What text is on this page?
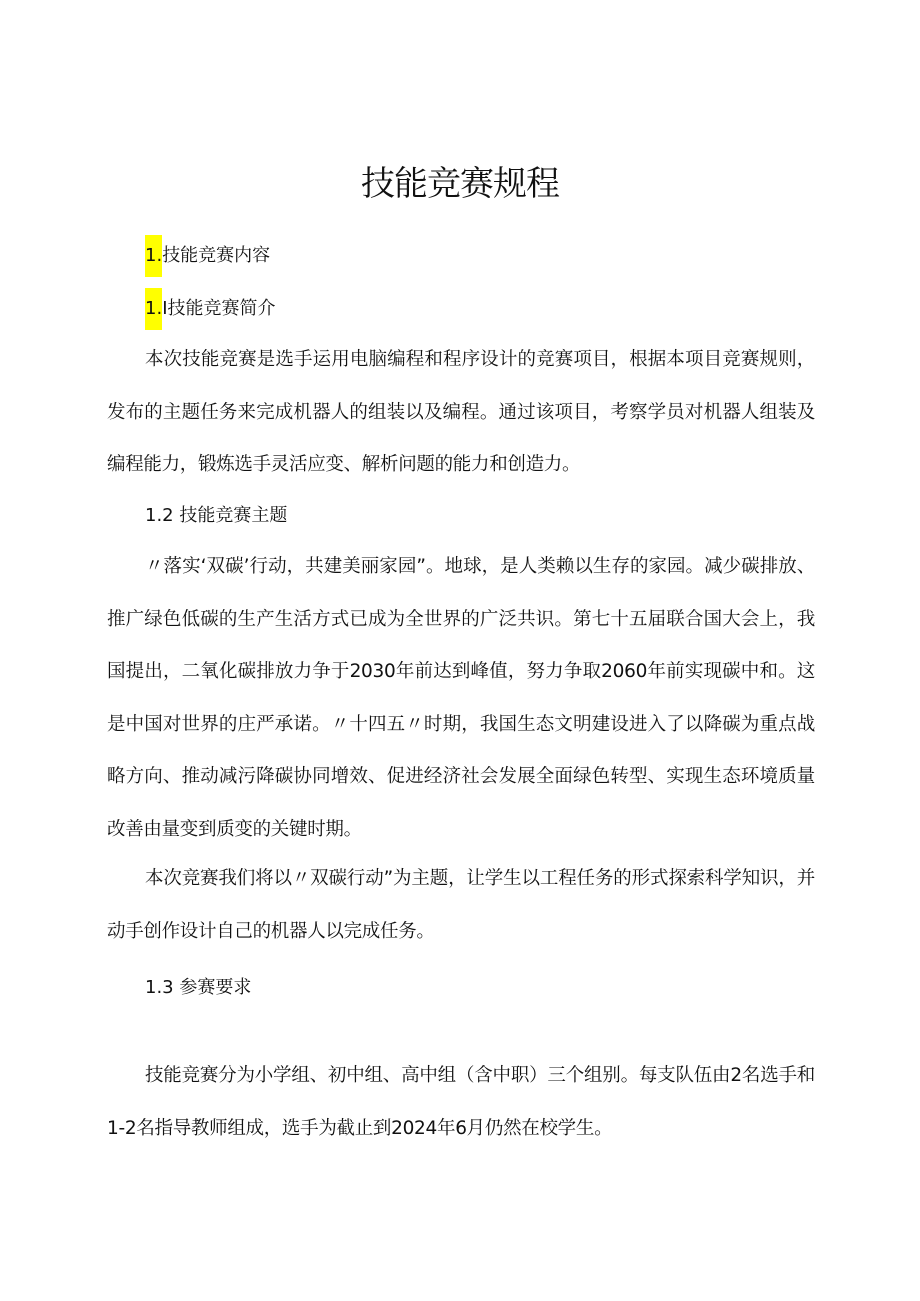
技能竞赛规程
1.技能竞赛内容
1.I技能竞赛简介
本次技能竞赛是选手运用电脑编程和程序设计的竞赛项目，根据本项目竞赛规则，发布的主题任务来完成机器人的组装以及编程。通过该项目，考察学员对机器人组装及编程能力，锻炼选手灵活应变、解析问题的能力和创造力。
1.2 技能竞赛主题
〃落实‘双碳’行动，共建美丽家园”。地球，是人类赖以生存的家园。减少碳排放、推广绿色低碳的生产生活方式已成为全世界的广泛共识。第七十五届联合国大会上，我国提出，二氧化碳排放力争于2030年前达到峰值，努力争取2060年前实现碳中和。这是中国对世界的庄严承诺。〃十四五〃时期，我国生态文明建设进入了以降碳为重点战略方向、推动减污降碳协同增效、促进经济社会发展全面绿色转型、实现生态环境质量改善由量变到质变的关键时期。
本次竞赛我们将以〃双碳行动”为主题，让学生以工程任务的形式探索科学知识，并动手创作设计自己的机器人以完成任务。
1.3 参赛要求
技能竞赛分为小学组、初中组、高中组（含中职）三个组别。每支队伍由2名选手和1-2名指导教师组成，选手为截止到2024年6月仍然在校学生。
